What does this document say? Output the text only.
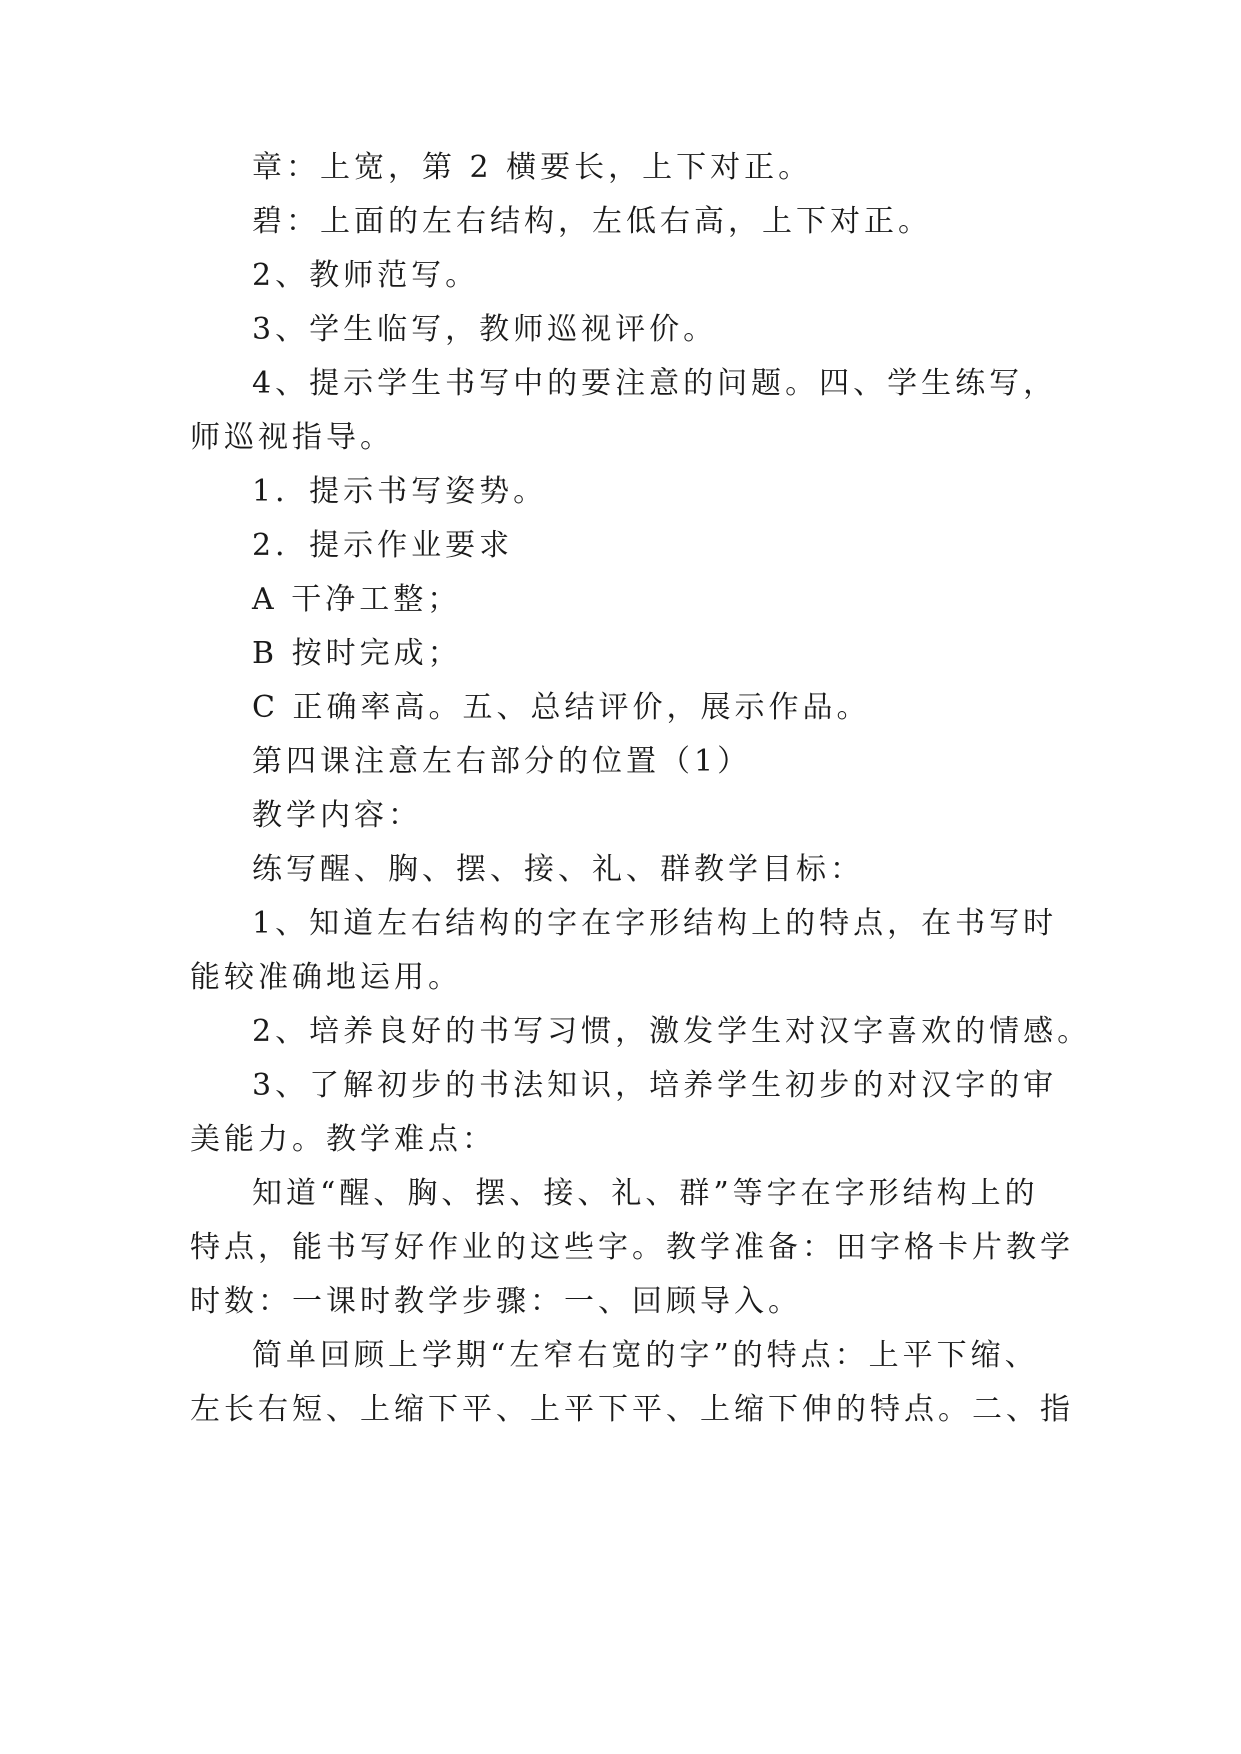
章：上宽，第 2 横要长，上下对正。
碧：上面的左右结构，左低右高，上下对正。
2、教师范写。
3、学生临写，教师巡视评价。
4、提示学生书写中的要注意的问题。四、学生练写，
师巡视指导。
1．提示书写姿势。
2．提示作业要求
A 干净工整；
B 按时完成；
C 正确率高。五、总结评价，展示作品。
第四课注意左右部分的位置（1）
教学内容：
练写醒、胸、摆、接、礼、群教学目标：
1、知道左右结构的字在字形结构上的特点，在书写时
能较准确地运用。
2、培养良好的书写习惯，激发学生对汉字喜欢的情感。
3、了解初步的书法知识，培养学生初步的对汉字的审
美能力。教学难点：
知道“醒、胸、摆、接、礼、群”等字在字形结构上的
特点，能书写好作业的这些字。教学准备：田字格卡片教学
时数：一课时教学步骤：一、回顾导入。
简单回顾上学期“左窄右宽的字”的特点：上平下缩、
左长右短、上缩下平、上平下平、上缩下伸的特点。二、指
